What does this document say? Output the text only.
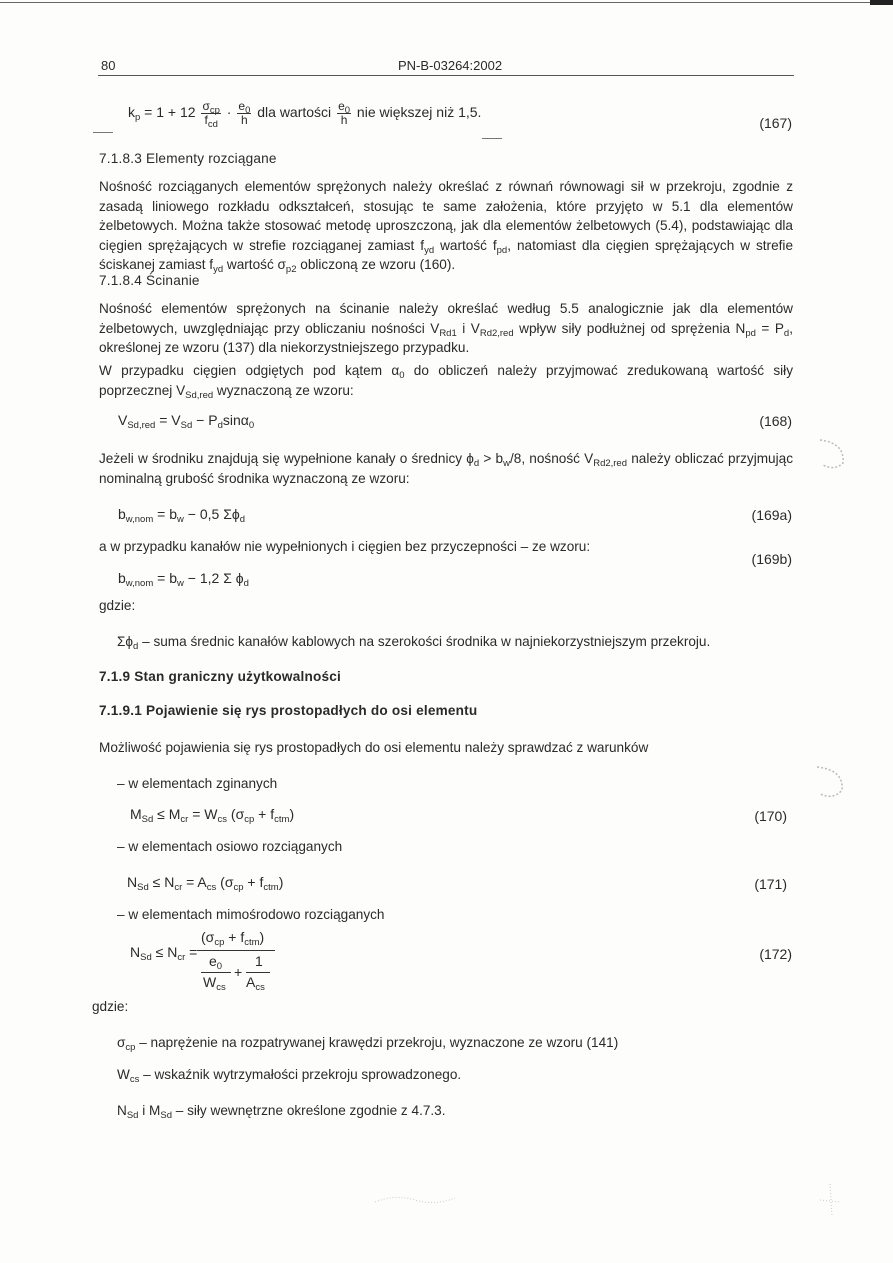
80	PN-B-03264:2002
$k_p = 1 + 12 \frac{\sigma_{cp}}{f_{cd}} \cdot \frac{e_0}{h}$ dla wartości $\frac{e_0}{h}$ nie większej niż 1,5.
(167)
7.1.8.3 Elementy rozciągane
Nośność rozciąganych elementów sprężonych należy określać z równań równowagi sił w przekroju, zgodnie z zasadą liniowego rozkładu odkształceń, stosując te same założenia, które przyjęto w 5.1 dla elementów żelbetowych. Można także stosować metodę uproszczoną, jak dla elementów żelbetowych (5.4), podstawiając dla cięgien sprężających w strefie rozciąganej zamiast $f_{yd}$ wartość $f_{pd}$, natomiast dla cięgien sprężających w strefie ściskanej zamiast $f_{yd}$ wartość $\sigma_{p2}$ obliczoną ze wzoru (160).
7.1.8.4 Ścinanie
Nośność elementów sprężonych na ścinanie należy określać według 5.5 analogicznie jak dla elementów żelbetowych, uwzględniając przy obliczaniu nośności $V_{Rd1}$ i $V_{Rd2,red}$ wpływ siły podłużnej od sprężenia $N_{pd} = P_d$, określonej ze wzoru (137) dla niekorzystniejszego przypadku.
W przypadku cięgien odgiętych pod kątem $\alpha_0$ do obliczeń należy przyjmować zredukowaną wartość siły poprzecznej $V_{Sd,red}$ wyznaczoną ze wzoru:
$V_{Sd,red} = V_{Sd} - P_d\sin\alpha_0$	(168)
Jeżeli w środniku znajdują się wypełnione kanały o średnicy $\phi_d > b_w/8$, nośność $V_{Rd2,red}$ należy obliczać przyjmując nominalną grubość środnika wyznaczoną ze wzoru:
$b_{w,nom} = b_w - 0,5$ $\Sigma\phi_d$	(169a)
a w przypadku kanałów nie wypełnionych i cięgien bez przyczepności – ze wzoru:
(169b)
$b_{w,nom} = b_w - 1,2$ Σ $\phi_d$
gdzie:
$\Sigma\phi_d$ – suma średnic kanałów kablowych na szerokości środnika w najniekorzystniejszym przekroju.
7.1.9 Stan graniczny użytkowalności
7.1.9.1 Pojawienie się rys prostopadłych do osi elementu
Możliwość pojawienia się rys prostopadłych do osi elementu należy sprawdzać z warunków
– w elementach zginanych
$M_{Sd} \le M_{cr} = W_{cs}$ $(\sigma_{cp} + f_{ctm})$	(170)
– w elementach osiowo rozciąganych
$N_{Sd} \le N_{cr} = A_{cs}$ $(\sigma_{cp} + f_{ctm})$	(171)
– w elementach mimośrodowo rozciąganych
$N_{Sd} \le N_{cr}$ =
$(\sigma_{cp} + f_{ctm})$
$e_0$ 1
+
$W_{cs}$ $A_{cs}$
(172)
gdzie:
$\sigma_{cp}$ – naprężenie na rozpatrywanej krawędzi przekroju, wyznaczone ze wzoru (141)
$W_{cs}$ – wskaźnik wytrzymałości przekroju sprowadzonego.
$N_{Sd}$ i $M_{Sd}$ – siły wewnętrzne określone zgodnie z 4.7.3.
